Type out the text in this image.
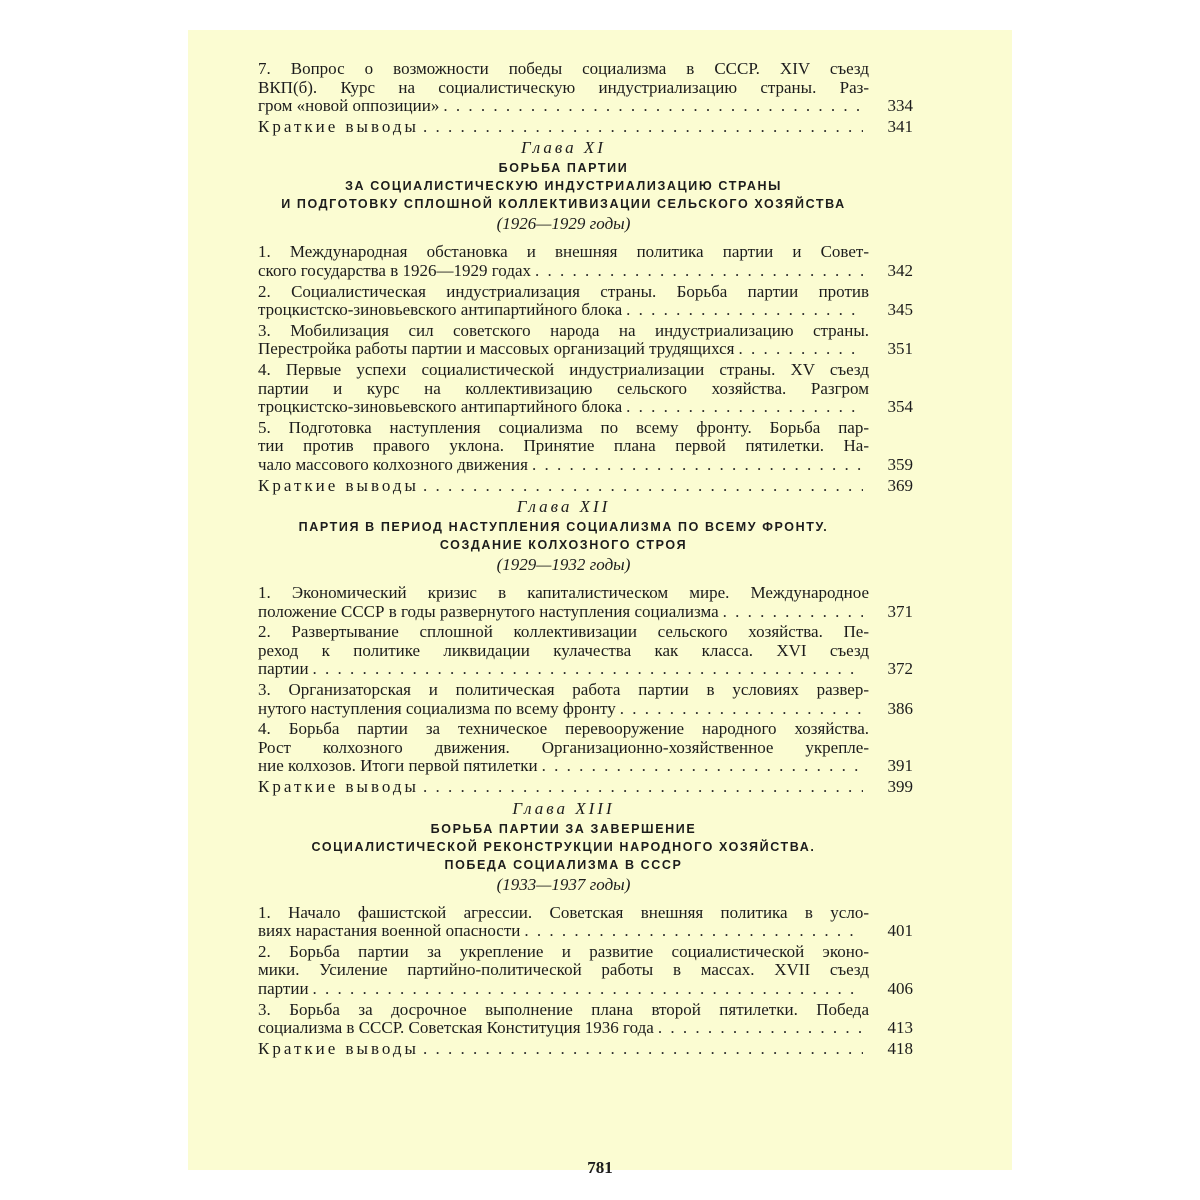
7. Вопрос о возможности победы социализма в СССР. XIV съезд
ВКП(б). Курс на социалистическую индустриализацию страны. Раз-
гром «новой оппозиции» . . .	334
Краткие выводы . . .	341
Глава XI
БОРЬБА ПАРТИИ
ЗА СОЦИАЛИСТИЧЕСКУЮ ИНДУСТРИАЛИЗАЦИЮ СТРАНЫ
И ПОДГОТОВКУ СПЛОШНОЙ КОЛЛЕКТИВИЗАЦИИ СЕЛЬСКОГО ХОЗЯЙСТВА
(1926—1929 годы)
1. Международная обстановка и внешняя политика партии и Совет-
ского государства в 1926—1929 годах . . .	342
2. Социалистическая индустриализация страны. Борьба партии против
троцкистско-зиновьевского антипартийного блока . . .	345
3. Мобилизация сил советского народа на индустриализацию страны.
Перестройка работы партии и массовых организаций трудящихся . . .	351
4. Первые успехи социалистической индустриализации страны. XV съезд
партии и курс на коллективизацию сельского хозяйства. Разгром
троцкистско-зиновьевского антипартийного блока . . .	354
5. Подготовка наступления социализма по всему фронту. Борьба пар-
тии против правого уклона. Принятие плана первой пятилетки. На-
чало массового колхозного движения . . .	359
Краткие выводы . . .	369
Глава XII
ПАРТИЯ В ПЕРИОД НАСТУПЛЕНИЯ СОЦИАЛИЗМА ПО ВСЕМУ ФРОНТУ.
СОЗДАНИЕ КОЛХОЗНОГО СТРОЯ
(1929—1932 годы)
1. Экономический кризис в капиталистическом мире. Международное
положение СССР в годы развернутого наступления социализма . . .	371
2. Развертывание сплошной коллективизации сельского хозяйства. Пе-
реход к политике ликвидации кулачества как класса. XVI съезд
партии . . .	372
3. Организаторская и политическая работа партии в условиях развер-
нутого наступления социализма по всему фронту . . .	386
4. Борьба партии за техническое перевооружение народного хозяйства.
Рост колхозного движения. Организационно-хозяйственное укрепле-
ние колхозов. Итоги первой пятилетки . . .	391
Краткие выводы . . .	399
Глава XIII
БОРЬБА ПАРТИИ ЗА ЗАВЕРШЕНИЕ
СОЦИАЛИСТИЧЕСКОЙ РЕКОНСТРУКЦИИ НАРОДНОГО ХОЗЯЙСТВА.
ПОБЕДА СОЦИАЛИЗМА В СССР
(1933—1937 годы)
1. Начало фашистской агрессии. Советская внешняя политика в усло-
виях нарастания военной опасности . . .	401
2. Борьба партии за укрепление и развитие социалистической эконо-
мики. Усиление партийно-политической работы в массах. XVII съезд
партии . . .	406
3. Борьба за досрочное выполнение плана второй пятилетки. Победа
социализма в СССР. Советская Конституция 1936 года . . .	413
Краткие выводы . . .	418
781
